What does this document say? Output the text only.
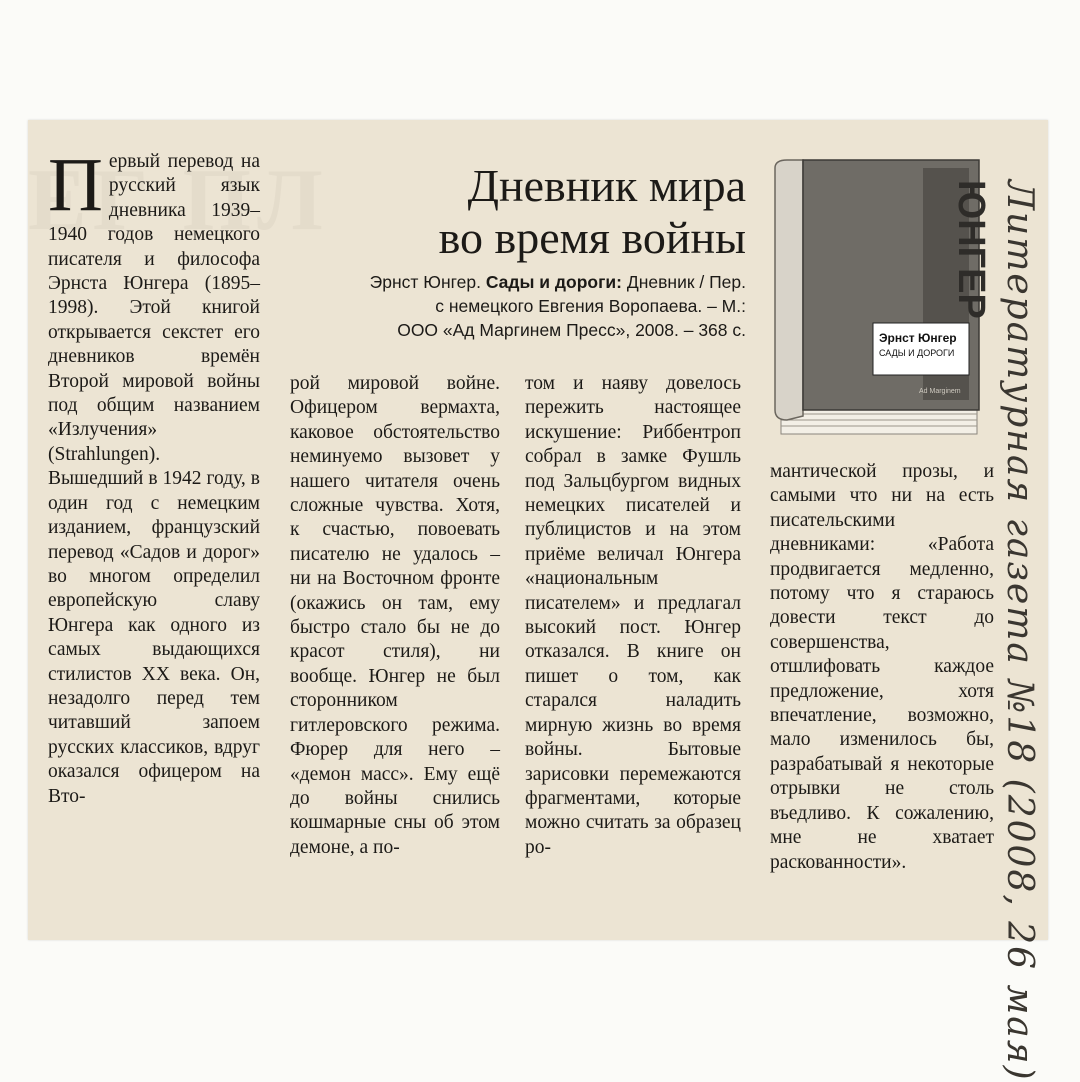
П ервый перевод на русский язык дневника 1939–1940 годов немецкого писателя и философа Эрнста Юнгера (1895–1998). Этой книгой открывается секстет его дневников времён Второй мировой войны под общим названием «Излучения» (Strahlungen). Вышедший в 1942 году, в один год с немецким изданием, французский перевод «Садов и дорог» во многом определил европейскую славу Юнгера как одного из самых выдающихся стилистов XX века. Он, незадолго перед тем читавший запоем русских классиков, вдруг оказался офицером на Вто-

Дневник мира
во время войны
Эрнст Юнгер. Сады и дороги: Дневник / Пер.
с немецкого Евгения Воропаева. – М.:
ООО «Ад Маргинем Пресс», 2008. – 368 с.
ЮНГЕР
Эрнст Юнгер
САДЫ И ДОРОГИ
Ad Marginem

рой мировой войне. Офицером вермахта, каковое обстоятельство неминуемо вызовет у нашего читателя очень сложные чувства. Хотя, к счастью, повоевать писателю не удалось – ни на Восточном фронте (окажись он там, ему быстро стало бы не до красот стиля), ни вообще. Юнгер не был сторонником гитлеровского режима. Фюрер для него – «демон масс». Ему ещё до войны снились кошмарные сны об этом демоне, а по-

том и наяву довелось пережить настоящее искушение: Риббентроп собрал в замке Фушль под Зальцбургом видных немецких писателей и публицистов и на этом приёме величал Юнгера «национальным писателем» и предлагал высокий пост. Юнгер отказался. В книге он пишет о том, как старался наладить мирную жизнь во время войны. Бытовые зарисовки перемежаются фрагментами, которые можно считать за образец ро-

мантической прозы, и самыми что ни на есть писательскими дневниками: «Работа продвигается медленно, потому что я стараюсь довести текст до совершенства, отшлифовать каждое предложение, хотя впечатление, возможно, мало изменилось бы, разрабатывай я некоторые отрывки не столь въедливо. К сожалению, мне не хватает раскованности».	Литературная газета №18 (2008, 26 мая)
